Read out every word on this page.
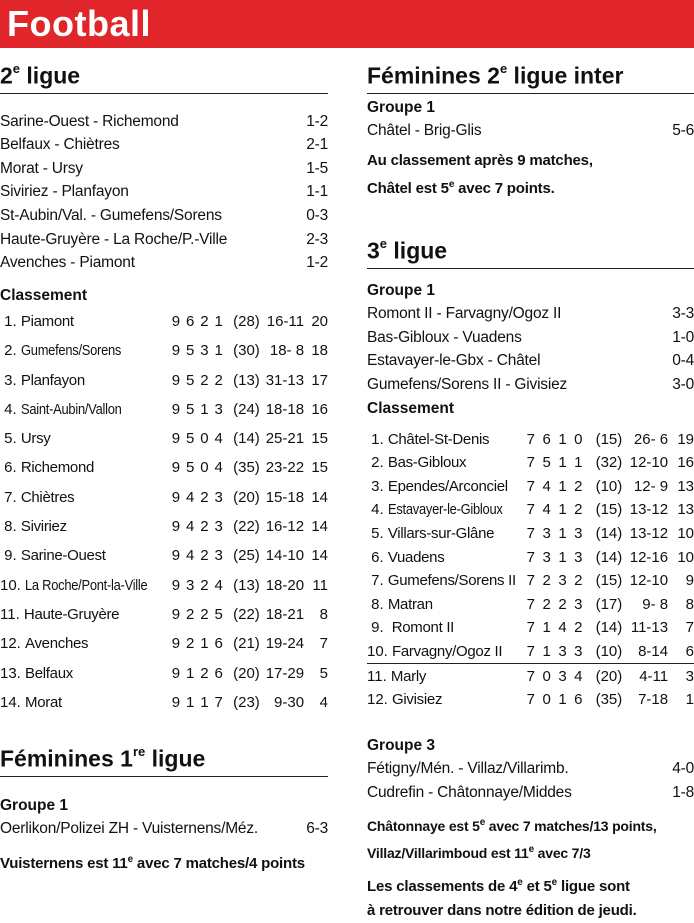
Football
2e ligue
Sarine-Ouest - Richemond	1-2
Belfaux - Chiètres	2-1
Morat - Ursy	1-5
Siviriez - Planfayon	1-1
St-Aubin/Val. - Gumefens/Sorens	0-3
Haute-Gruyère - La Roche/P.-Ville	2-3
Avenches - Piamont	1-2
Classement
1. Piamont	9	6	2	1	(28)	16-11	20
2. Gumefens/Sorens	9	5	3	1	(30)	18- 8	18
3. Planfayon	9	5	2	2	(13)	31-13	17
4. Saint-Aubin/Vallon	9	5	1	3	(24)	18-18	16
5. Ursy	9	5	0	4	(14)	25-21	15
6. Richemond	9	5	0	4	(35)	23-22	15
7. Chiètres	9	4	2	3	(20)	15-18	14
8. Siviriez	9	4	2	3	(22)	16-12	14
9. Sarine-Ouest	9	4	2	3	(25)	14-10	14
10. La Roche/Pont-la-Ville	9	3	2	4	(13)	18-20	11
11. Haute-Gruyère	9	2	2	5	(22)	18-21	8
12. Avenches	9	2	1	6	(21)	19-24	7
13. Belfaux	9	1	2	6	(20)	17-29	5
14. Morat	9	1	1	7	(23)	9-30	4
Féminines 1re ligue
Groupe 1
Oerlikon/Polizei ZH - Vuisternens/Méz.	6-3
Vuisternens est 11e avec 7 matches/4 points
Féminines 2e ligue inter
Groupe 1
Châtel - Brig-Glis	5-6
Au classement après 9 matches,
Châtel est 5e avec 7 points.
3e ligue
Groupe 1
Romont II - Farvagny/Ogoz II	3-3
Bas-Gibloux - Vuadens	1-0
Estavayer-le-Gbx - Châtel	0-4
Gumefens/Sorens II - Givisiez	3-0
Classement
1. Châtel-St-Denis	7	6	1	0	(15)	26- 6	19
2. Bas-Gibloux	7	5	1	1	(32)	12-10	16
3. Ependes/Arconciel	7	4	1	2	(10)	12- 9	13
4. Estavayer-le-Gibloux	7	4	1	2	(15)	13-12	13
5. Villars-sur-Glâne	7	3	1	3	(14)	13-12	10
6. Vuadens	7	3	1	3	(14)	12-16	10
7. Gumefens/Sorens II	7	2	3	2	(15)	12-10	9
8. Matran	7	2	2	3	(17)	9- 8	8
9.  Romont II	7	1	4	2	(14)	11-13	7
10. Farvagny/Ogoz II	7	1	3	3	(10)	8-14	6
11. Marly	7	0	3	4	(20)	4-11	3
12. Givisiez	7	0	1	6	(35)	7-18	1
Groupe 3
Fétigny/Mén. - Villaz/Villarimb.	4-0
Cudrefin - Châtonnaye/Middes	1-8
Châtonnaye est 5e avec 7 matches/13 points,
Villaz/Villarimboud est 11e avec 7/3
Les classements de 4e et 5e ligue sont
à retrouver dans notre édition de jeudi.
